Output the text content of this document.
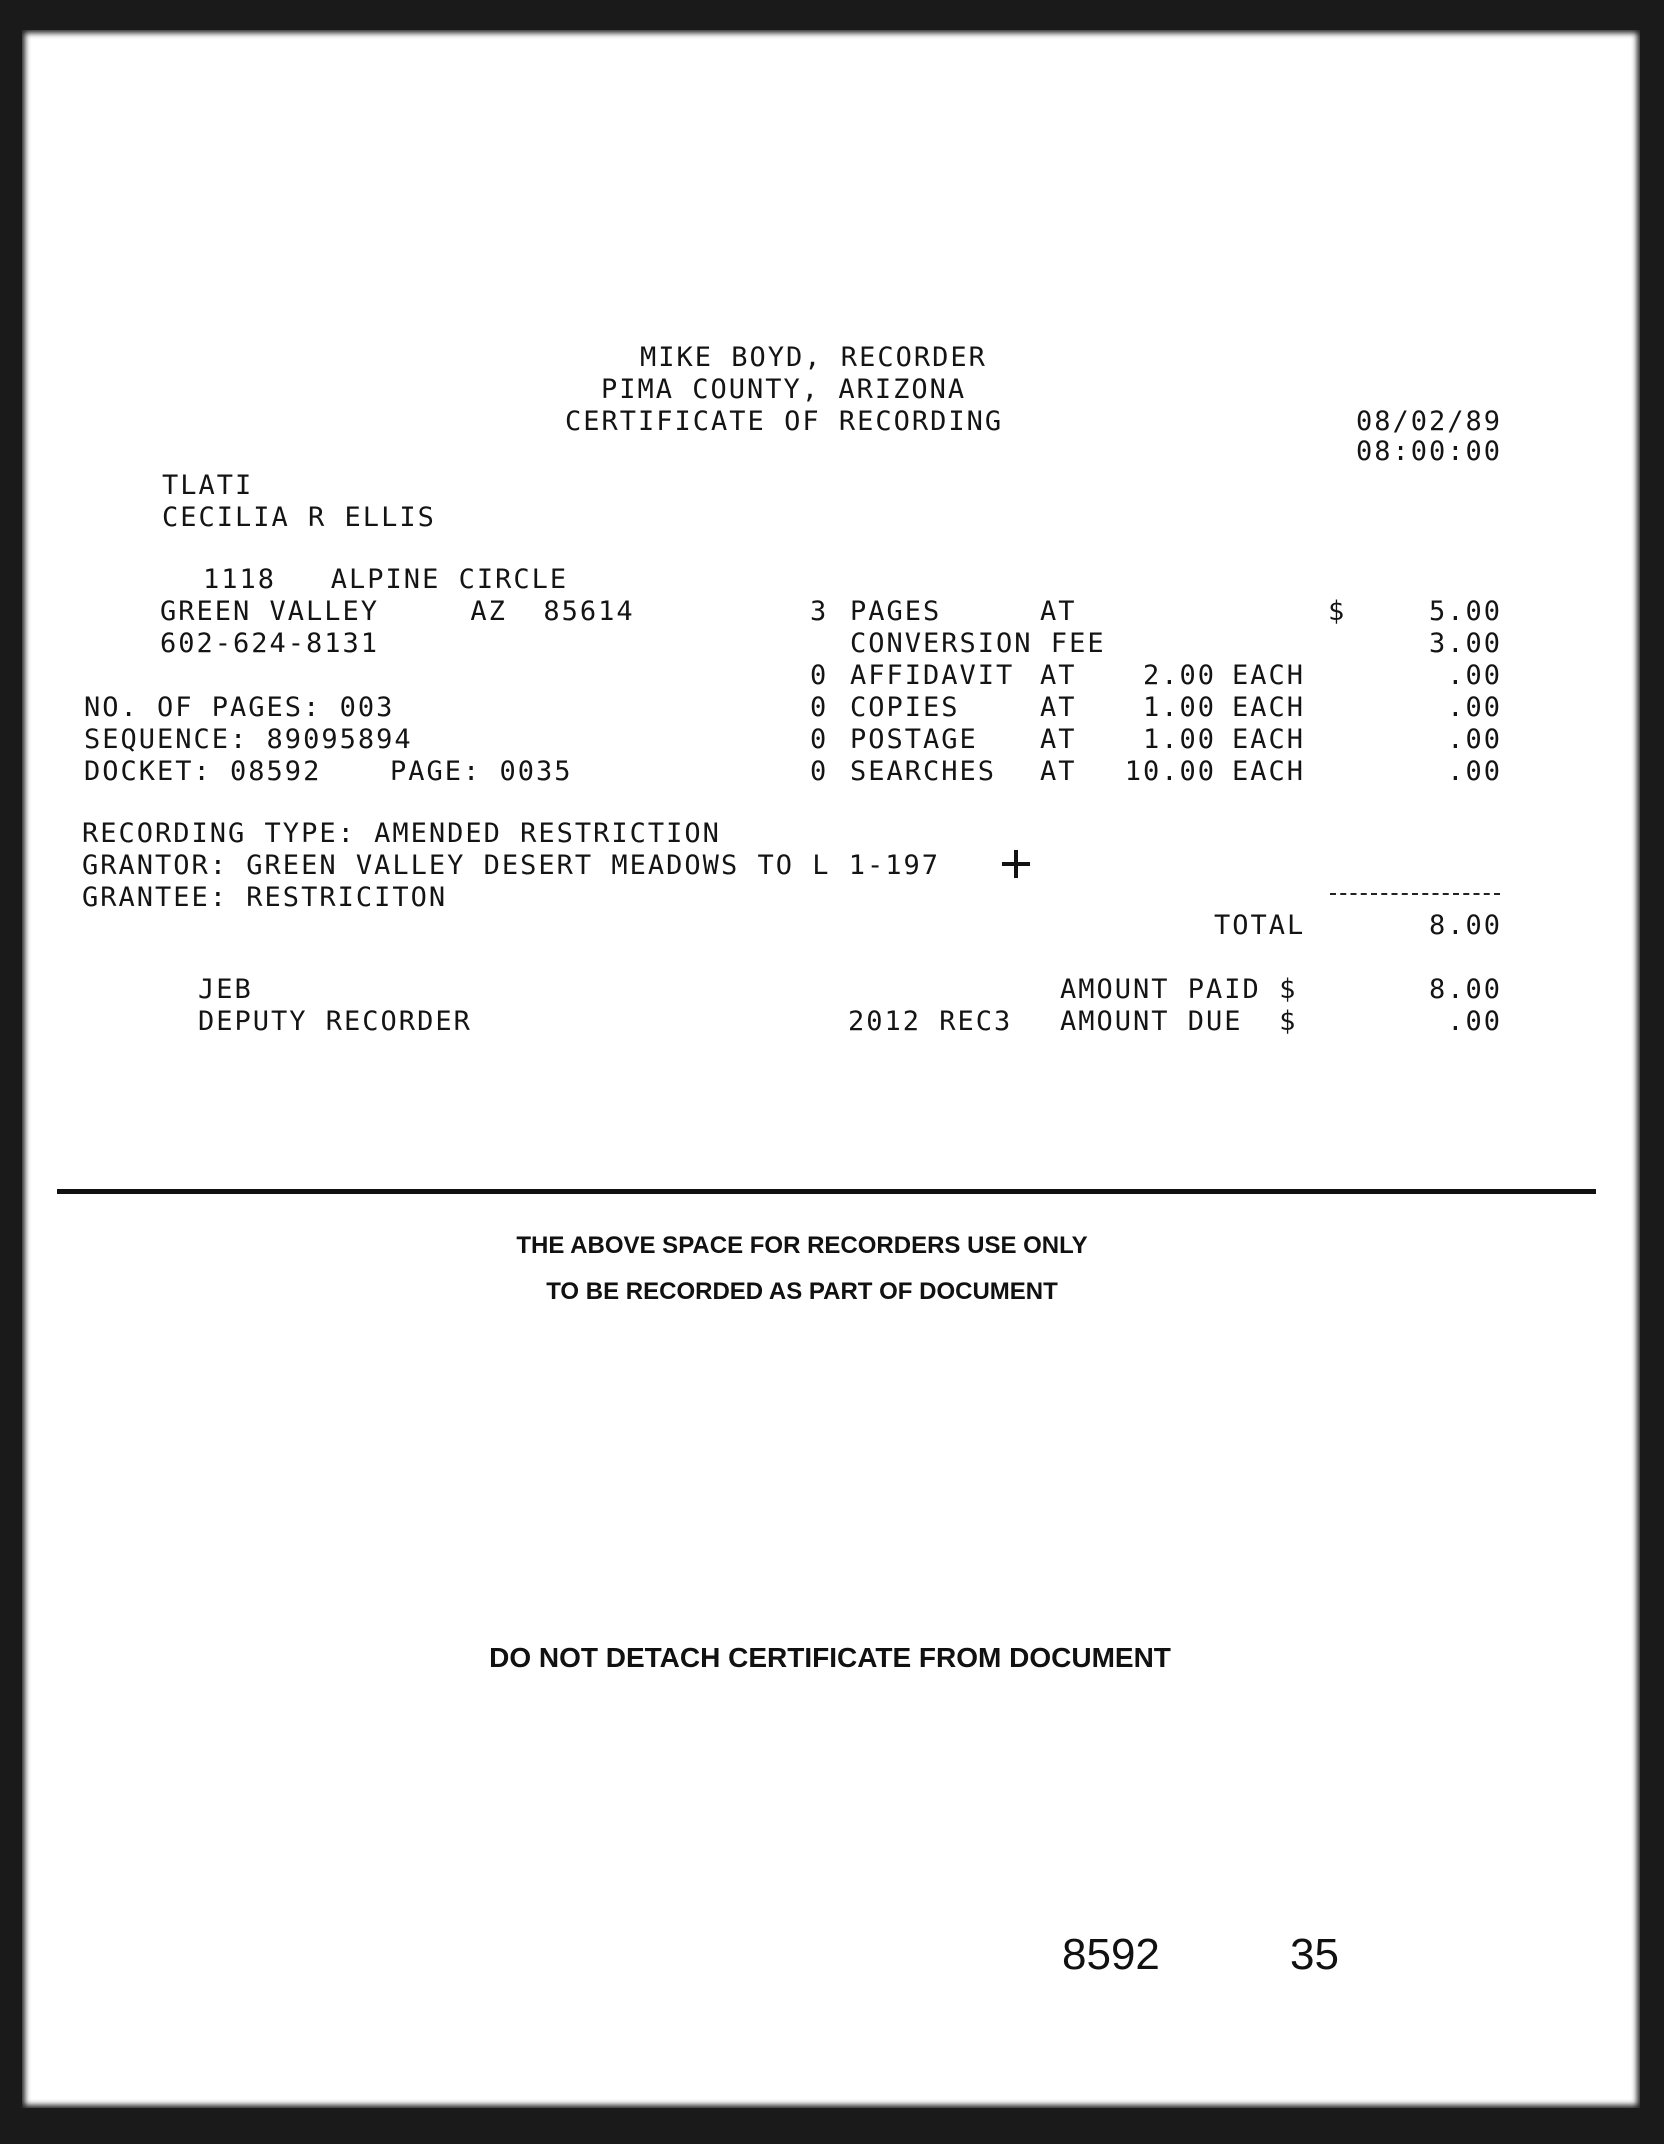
MIKE BOYD, RECORDER
PIMA COUNTY, ARIZONA
CERTIFICATE OF RECORDING	08/02/89
08:00:00
TLATI
CECILIA R ELLIS
1118   ALPINE CIRCLE
GREEN VALLEY     AZ  85614
602-624-8131
NO. OF PAGES: 003
SEQUENCE: 89095894
DOCKET: 08592	PAGE: 0035
3 PAGES	AT	$	5.00
CONVERSION FEE	3.00
0 AFFIDAVIT AT	2.00 EACH	.00
0 COPIES	AT	1.00 EACH	.00
0 POSTAGE AT	1.00 EACH	.00
0 SEARCHES AT	10.00 EACH	.00
RECORDING TYPE: AMENDED RESTRICTION
GRANTOR: GREEN VALLEY DESERT MEADOWS TO L 1-197
GRANTEE: RESTRICITON
TOTAL	8.00
JEB
DEPUTY RECORDER
AMOUNT PAID $	8.00
2012 REC3 AMOUNT DUE  $	.00
THE ABOVE SPACE FOR RECORDERS USE ONLY
TO BE RECORDED AS PART OF DOCUMENT
DO NOT DETACH CERTIFICATE FROM DOCUMENT
8592	35
